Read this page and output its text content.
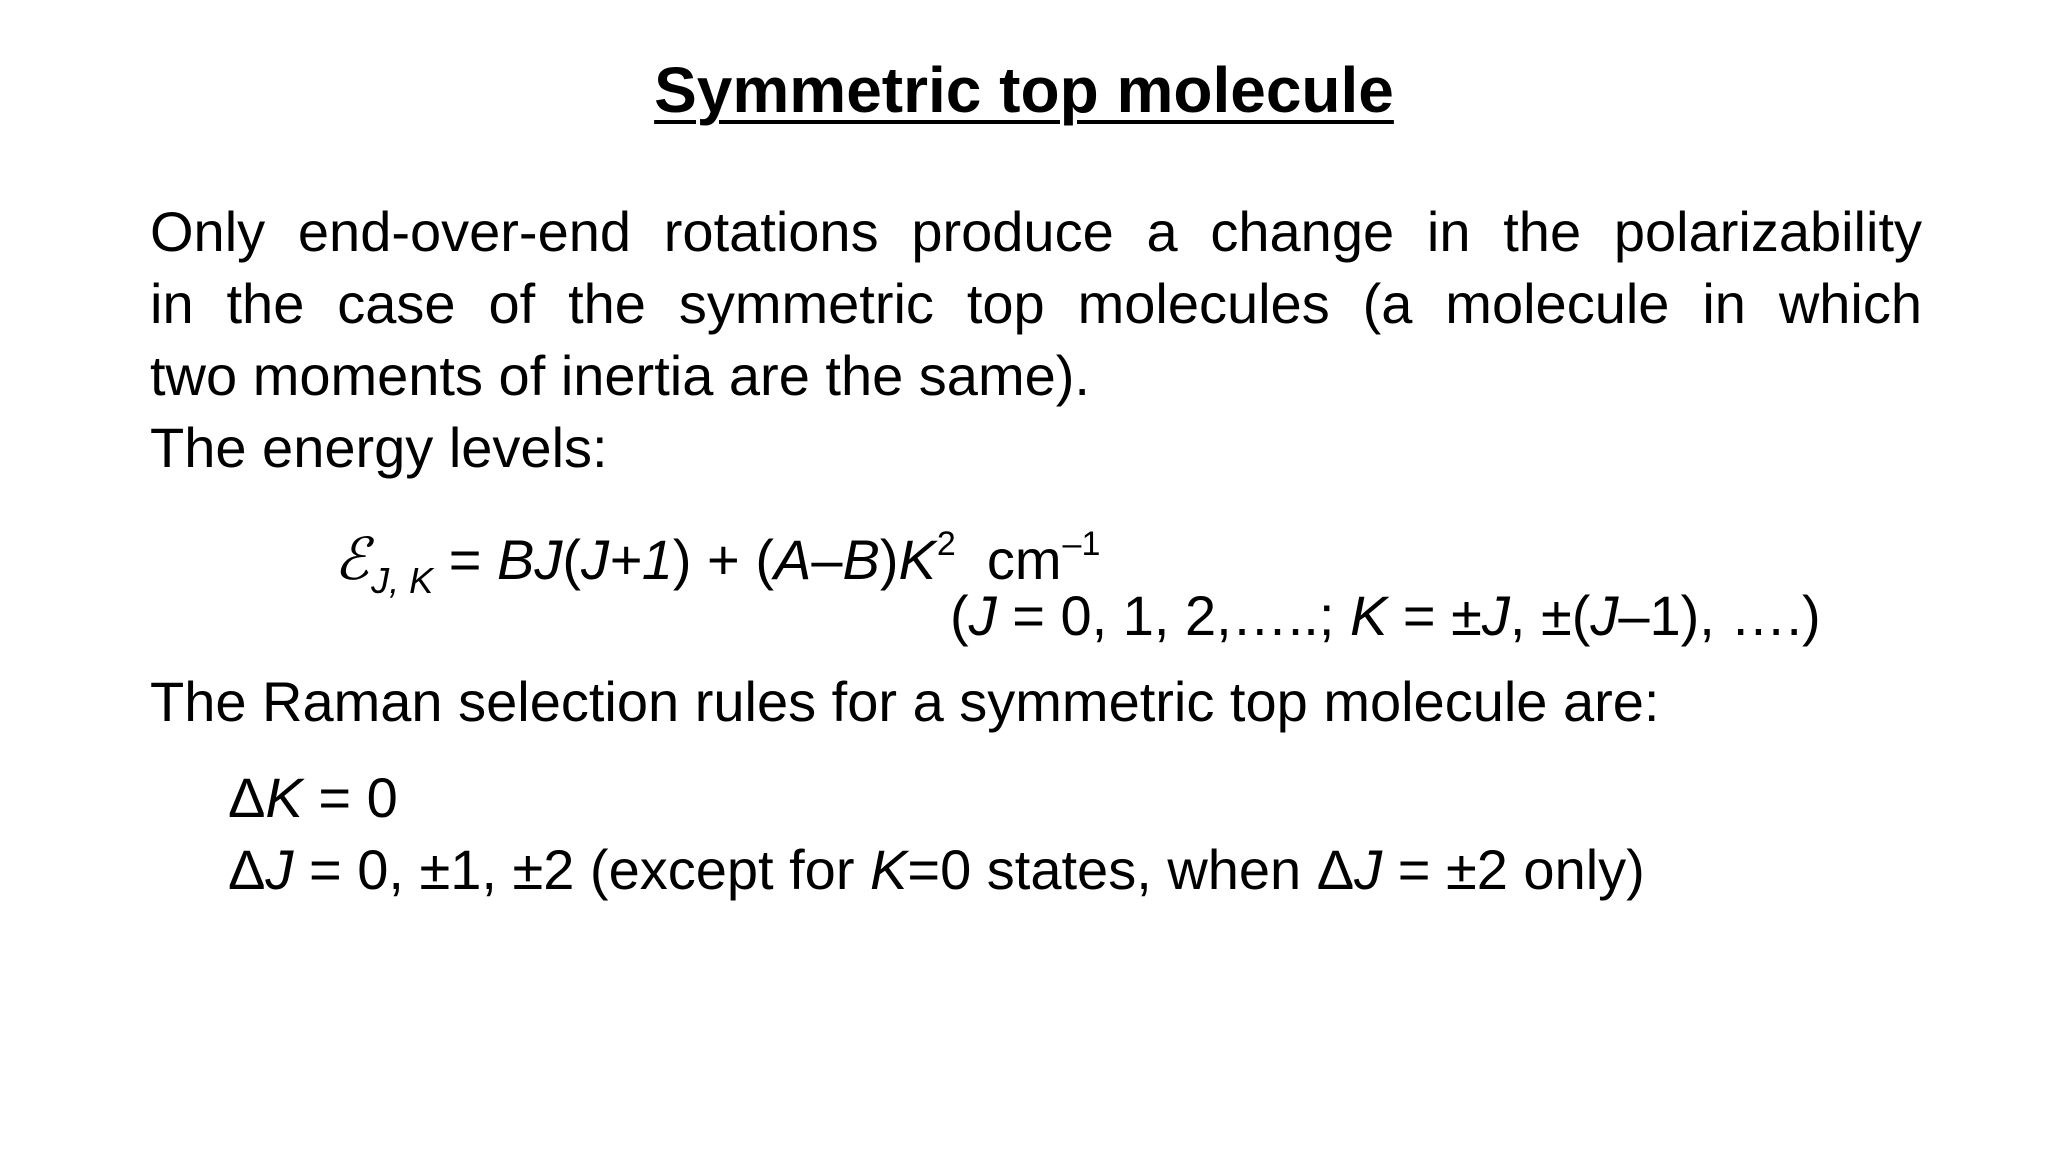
Symmetric top molecule

Only end-over-end rotations produce a change in the polarizability

in the case of the symmetric top molecules (a molecule in which

two moments of inertia are the same).

The energy levels:

ℰ$_{J, K}$ = $BJ(J+1) + (A-B)K^2$  $cm^{-1}$
(J = 0, 1, 2,…..; K = ±J, ±(J–1), ….)

The Raman selection rules for a symmetric top molecule are:

ΔK = 0
ΔJ = 0, ±1, ±2 (except for K=0 states, when ΔJ = ±2 only)
